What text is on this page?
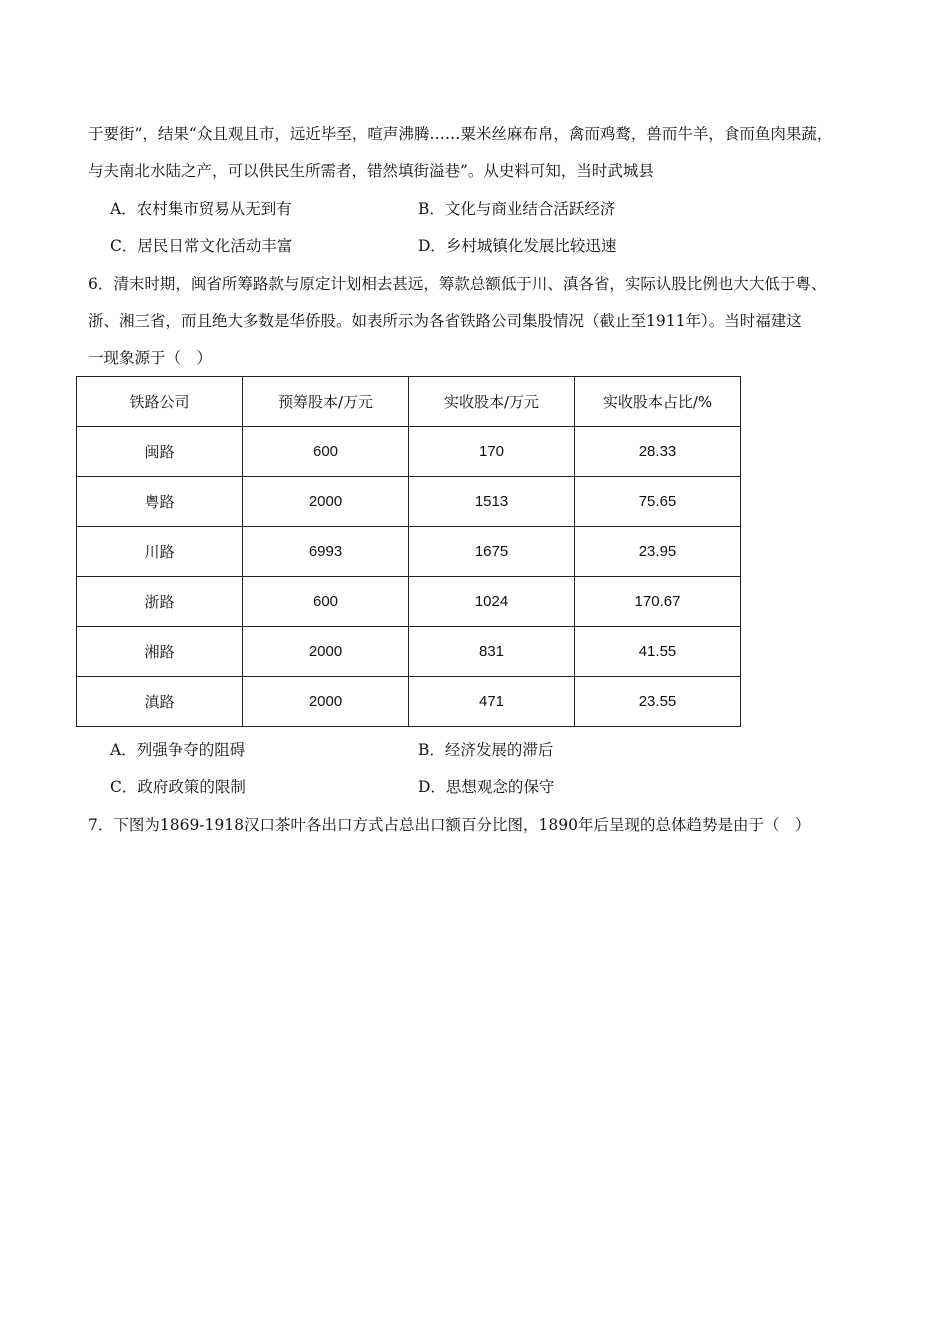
于要街”，结果“众且观且市，远近毕至，喧声沸腾……粟米丝麻布帛，禽而鸡鹜，兽而牛羊，食而鱼肉果蔬，
与夫南北水陆之产，可以供民生所需者，错然填街溢巷”。从史料可知，当时武城县
A．农村集市贸易从无到有	B．文化与商业结合活跃经济
C．居民日常文化活动丰富	D．乡村城镇化发展比较迅速
6．清末时期，闽省所筹路款与原定计划相去甚远，筹款总额低于川、滇各省，实际认股比例也大大低于粤、
浙、湘三省，而且绝大多数是华侨股。如表所示为各省铁路公司集股情况（截止至1911年）。当时福建这
一现象源于（　）
铁路公司	预筹股本/万元	实收股本/万元	实收股本占比/%
闽路	600	170	28.33
粤路	2000	1513	75.65
川路	6993	1675	23.95
浙路	600	1024	170.67
湘路	2000	831	41.55
滇路	2000	471	23.55
A．列强争夺的阻碍	B．经济发展的滞后
C．政府政策的限制	D．思想观念的保守
7．下图为1869-1918汉口茶叶各出口方式占总出口额百分比图，1890年后呈现的总体趋势是由于（　）
